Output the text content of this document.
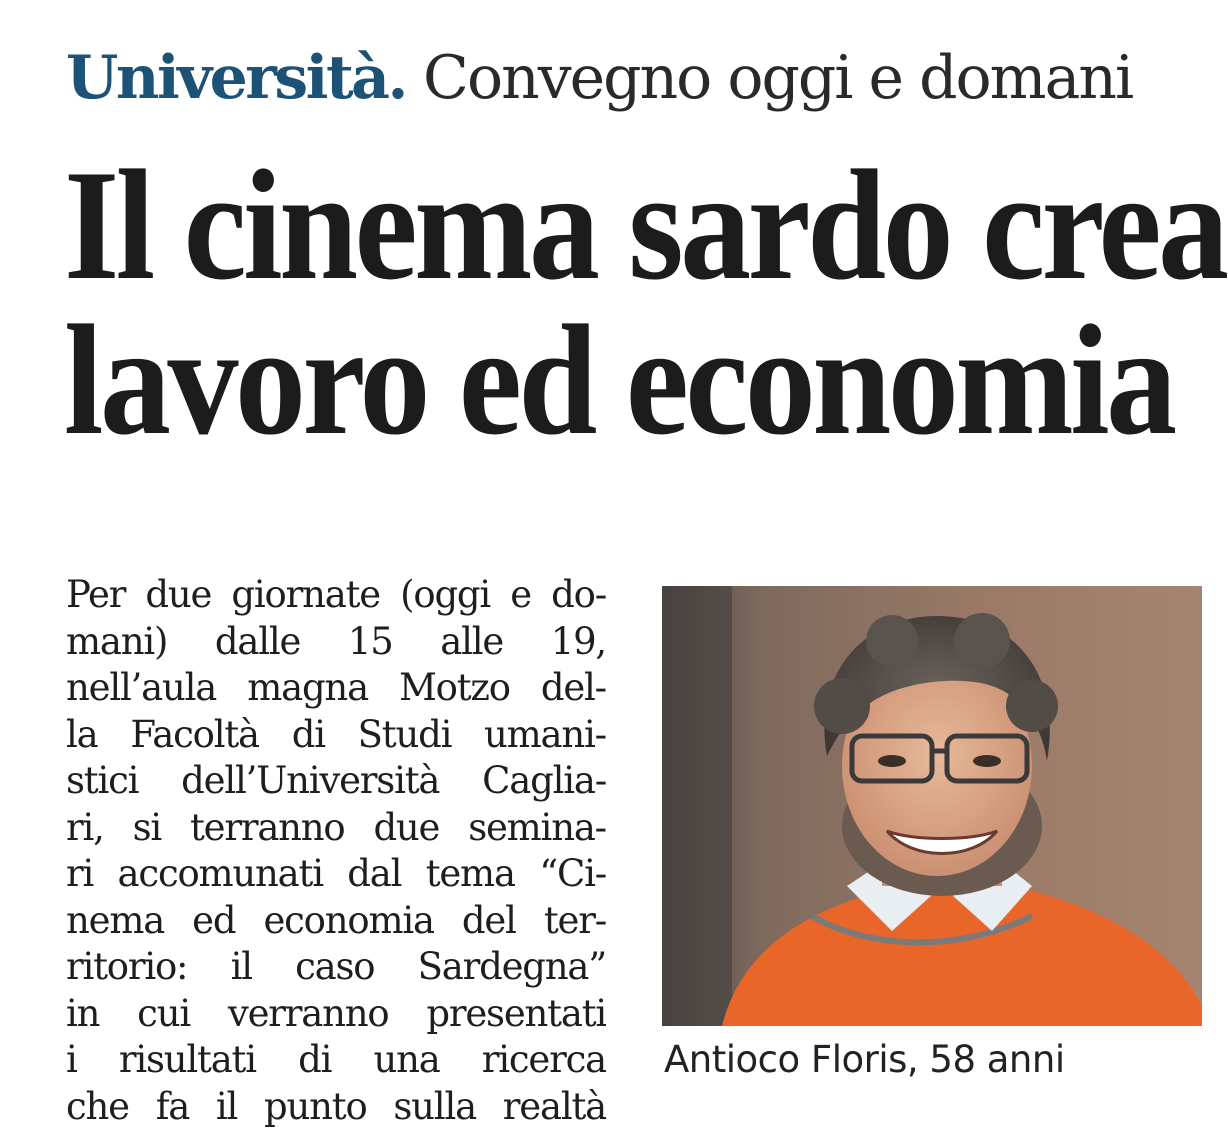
Università. Convegno oggi e domani
Il cinema sardo crea
lavoro ed economia
Per due giornate (oggi e do-
mani) dalle 15 alle 19,
nell’aula magna Motzo del-
la Facoltà di Studi umani-
stici dell’Università Caglia-
ri, si terranno due semina-
ri accomunati dal tema “Ci-
nema ed economia del ter-
ritorio: il caso Sardegna”
in cui verranno presentati
i risultati di una ricerca
che fa il punto sulla realtà
Antioco Floris, 58 anni
